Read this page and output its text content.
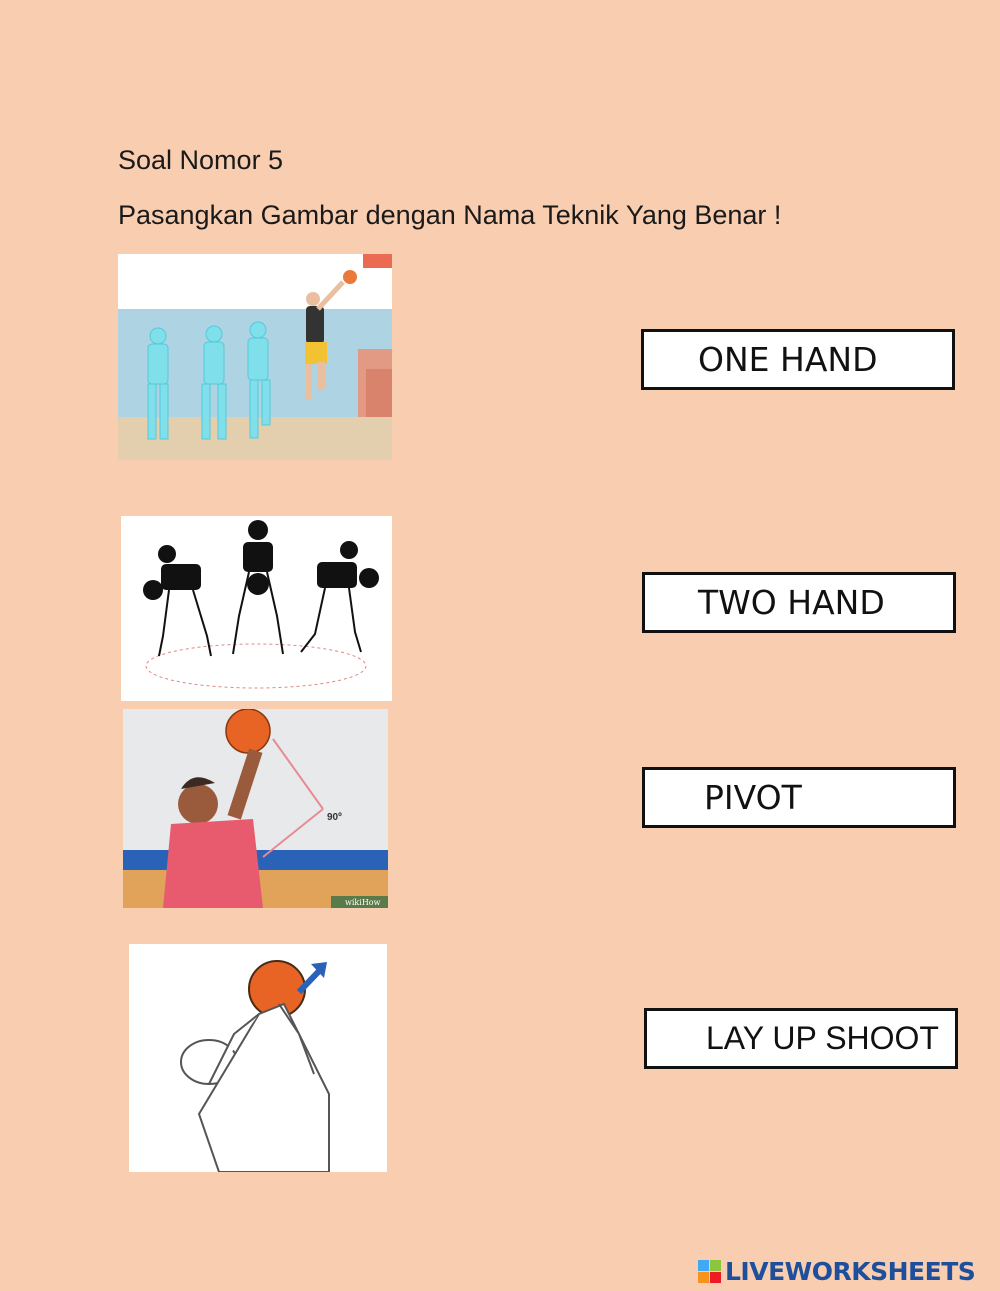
Soal Nomor 5
Pasangkan Gambar dengan Nama Teknik Yang Benar !
90º
wikiHow
ONE HAND
TWO HAND
PIVOT
LAY UP SHOOT
LIVEWORKSHEETS
